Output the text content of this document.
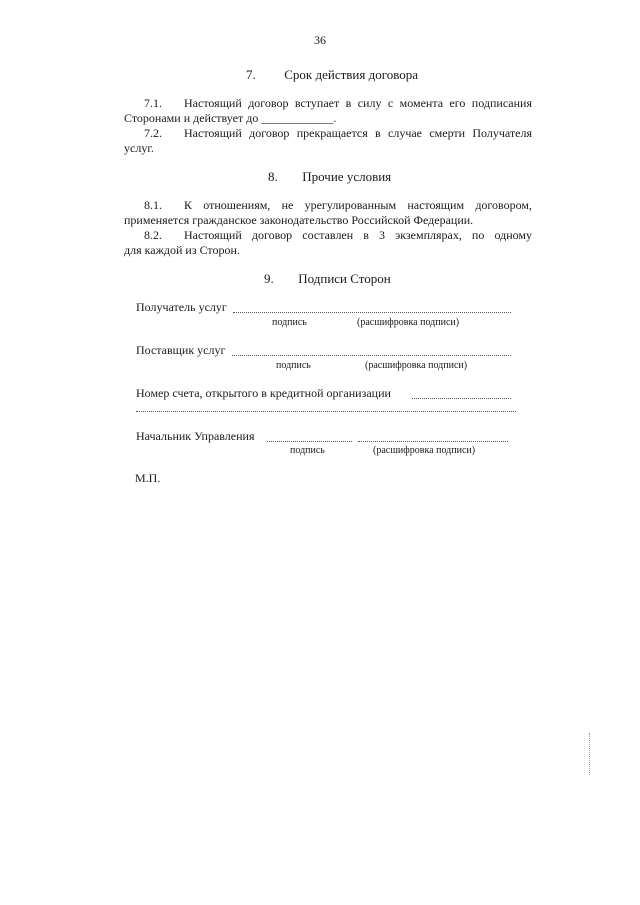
36
7. Срок действия договора
7.1. Настоящий договор вступает в силу с момента его подписания
Сторонами и действует до ____________.
7.2. Настоящий договор прекращается в случае смерти Получателя
услуг.
8. Прочие условия
8.1. К отношениям, не урегулированным настоящим договором,
применяется гражданское законодательство Российской Федерации.
8.2. Настоящий договор составлен в 3 экземплярах, по одному
для каждой из Сторон.
9. Подписи Сторон
Получатель услуг
подпись	(расшифровка подписи)
Поставщик услуг
подпись	(расшифровка подписи)
Номер счета, открытого в кредитной организации
Начальник Управления
подпись	(расшифровка подписи)
М.П.
